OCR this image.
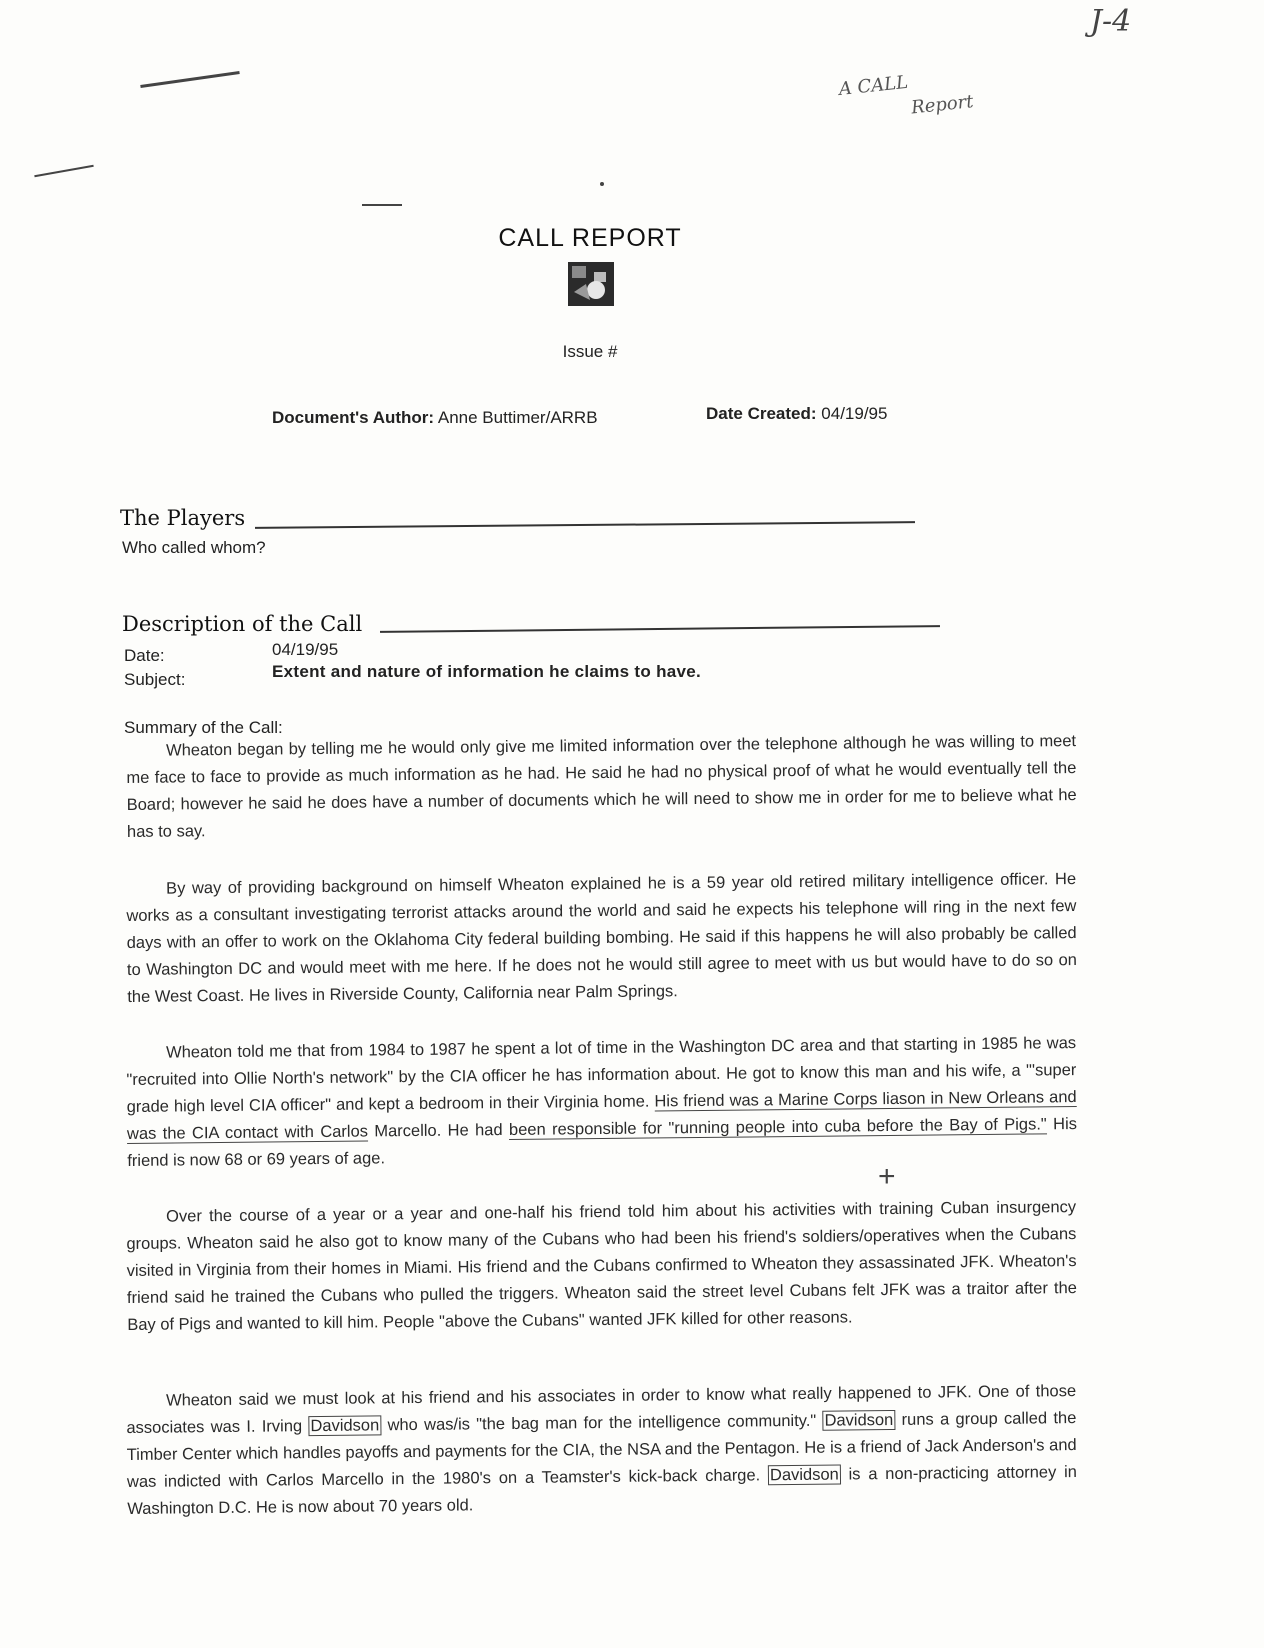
J-4
A CALL
Report
CALL REPORT
Issue #
Document's Author: Anne Buttimer/ARRB	Date Created: 04/19/95
The Players
Who called whom?
Description of the Call
Date:	04/19/95
Subject:	Extent and nature of information he claims to have.
Summary of the Call:

Wheaton began by telling me he would only give me limited information over the telephone although he was willing to meet me face to face to provide as much information as he had. He said he had no physical proof of what he would eventually tell the Board; however he said he does have a number of documents which he will need to show me in order for me to believe what he has to say.

By way of providing background on himself Wheaton explained he is a 59 year old retired military intelligence officer. He works as a consultant investigating terrorist attacks around the world and said he expects his telephone will ring in the next few days with an offer to work on the Oklahoma City federal building bombing. He said if this happens he will also probably be called to Washington DC and would meet with me here. If he does not he would still agree to meet with us but would have to do so on the West Coast. He lives in Riverside County, California near Palm Springs.

Wheaton told me that from 1984 to 1987 he spent a lot of time in the Washington DC area and that starting in 1985 he was "recruited into Ollie North's network" by the CIA officer he has information about. He got to know this man and his wife, a "'super grade high level CIA officer" and kept a bedroom in their Virginia home. His friend was a Marine Corps liason in New Orleans and was the CIA contact with Carlos Marcello. He had been responsible for "running people into cuba before the Bay of Pigs." His friend is now 68 or 69 years of age.

+

Over the course of a year or a year and one-half his friend told him about his activities with training Cuban insurgency groups. Wheaton said he also got to know many of the Cubans who had been his friend's soldiers/operatives when the Cubans visited in Virginia from their homes in Miami. His friend and the Cubans confirmed to Wheaton they assassinated JFK. Wheaton's friend said he trained the Cubans who pulled the triggers. Wheaton said the street level Cubans felt JFK was a traitor after the Bay of Pigs and wanted to kill him. People "above the Cubans" wanted JFK killed for other reasons.

Wheaton said we must look at his friend and his associates in order to know what really happened to JFK. One of those associates was I. Irving Davidson who was/is "the bag man for the intelligence community." Davidson runs a group called the Timber Center which handles payoffs and payments for the CIA, the NSA and the Pentagon. He is a friend of Jack Anderson's and was indicted with Carlos Marcello in the 1980's on a Teamster's kick-back charge. Davidson is a non-practicing attorney in Washington D.C. He is now about 70 years old.
